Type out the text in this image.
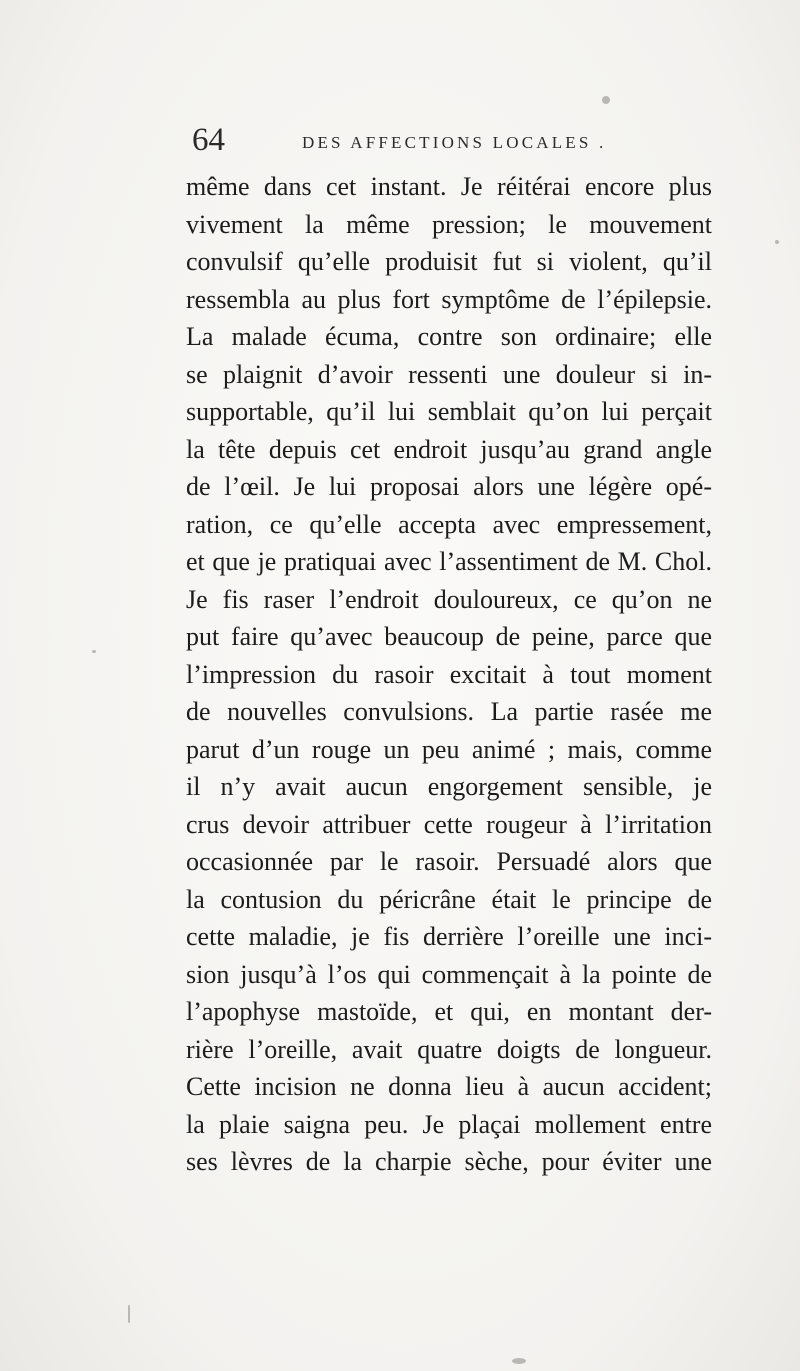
64	DES AFFECTIONS LOCALES .
même dans cet instant. Je réitérai encore plus
vivement la même pression; le mouvement
convulsif qu’elle produisit fut si violent, qu’il
ressembla au plus fort symptôme de l’épilepsie.
La malade écuma, contre son ordinaire; elle
se plaignit d’avoir ressenti une douleur si in-
supportable, qu’il lui semblait qu’on lui perçait
la tête depuis cet endroit jusqu’au grand angle
de l’œil. Je lui proposai alors une légère opé-
ration, ce qu’elle accepta avec empressement,
et que je pratiquai avec l’assentiment de M. Chol.
Je fis raser l’endroit douloureux, ce qu’on ne
put faire qu’avec beaucoup de peine, parce que
l’impression du rasoir excitait à tout moment
de nouvelles convulsions. La partie rasée me
parut d’un rouge un peu animé ; mais, comme
il n’y avait aucun engorgement sensible, je
crus devoir attribuer cette rougeur à l’irritation
occasionnée par le rasoir. Persuadé alors que
la contusion du péricrâne était le principe de
cette maladie, je fis derrière l’oreille une inci-
sion jusqu’à l’os qui commençait à la pointe de
l’apophyse mastoïde, et qui, en montant der-
rière l’oreille, avait quatre doigts de longueur.
Cette incision ne donna lieu à aucun accident;
la plaie saigna peu. Je plaçai mollement entre
ses lèvres de la charpie sèche, pour éviter une
